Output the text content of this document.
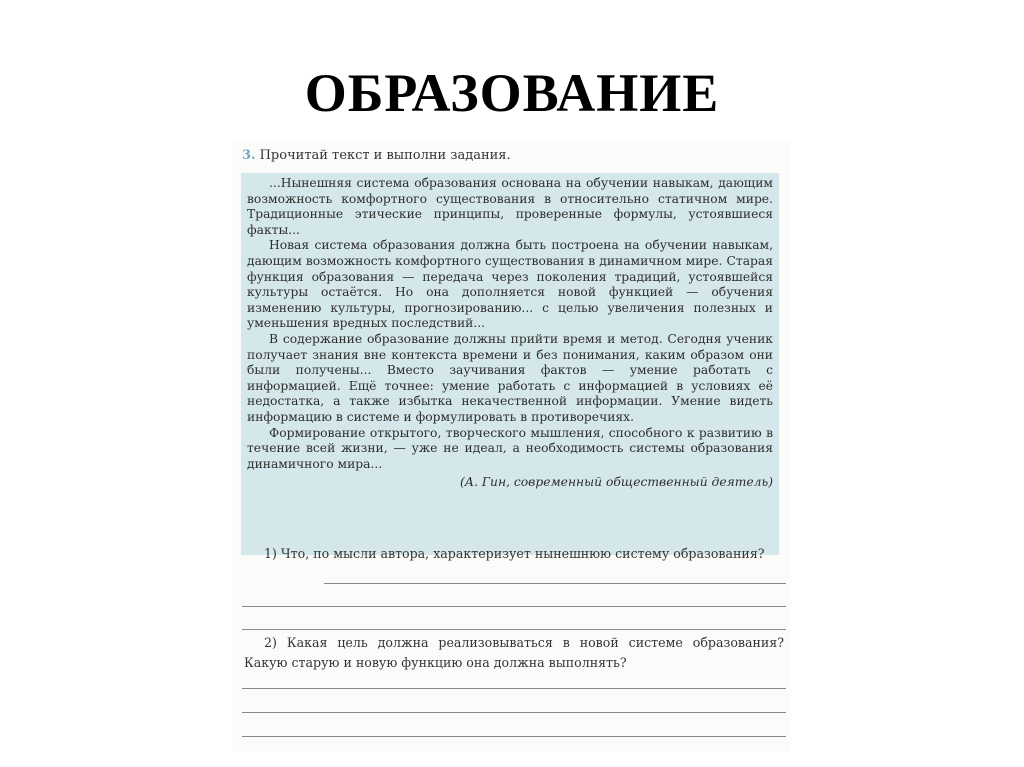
ОБРАЗОВАНИЕ
3. Прочитай текст и выполни задания.

...Нынешняя система образования основана на обучении навыкам, дающим возможность комфортного существования в относительно статичном мире. Традиционные этические принципы, проверенные формулы, устоявшиеся факты...

Новая система образования должна быть построена на обучении навыкам, дающим возможность комфортного существования в динамичном мире. Старая функция образования — передача через поколения традиций, устоявшейся культуры остаётся. Но она дополняется новой функцией — обучения изменению культуры, прогнозированию... с целью увеличения полезных и уменьшения вредных последствий...

В содержание образование должны прийти время и метод. Сегодня ученик получает знания вне контекста времени и без понимания, каким образом они были получены... Вместо заучивания фактов — умение работать с информацией. Ещё точнее: умение работать с информацией в условиях её недостатка, а также избытка некачественной информации. Умение видеть информацию в системе и формулировать в противоречиях.

Формирование открытого, творческого мышления, способного к развитию в течение всей жизни, — уже не идеал, а необходимость системы образования динамичного мира...

(А. Гин, современный общественный деятель)

1) Что, по мысли автора, характеризует нынешнюю систему образования?

2) Какая цель должна реализовываться в новой системе образования? Какую старую и новую функцию она должна выполнять?
